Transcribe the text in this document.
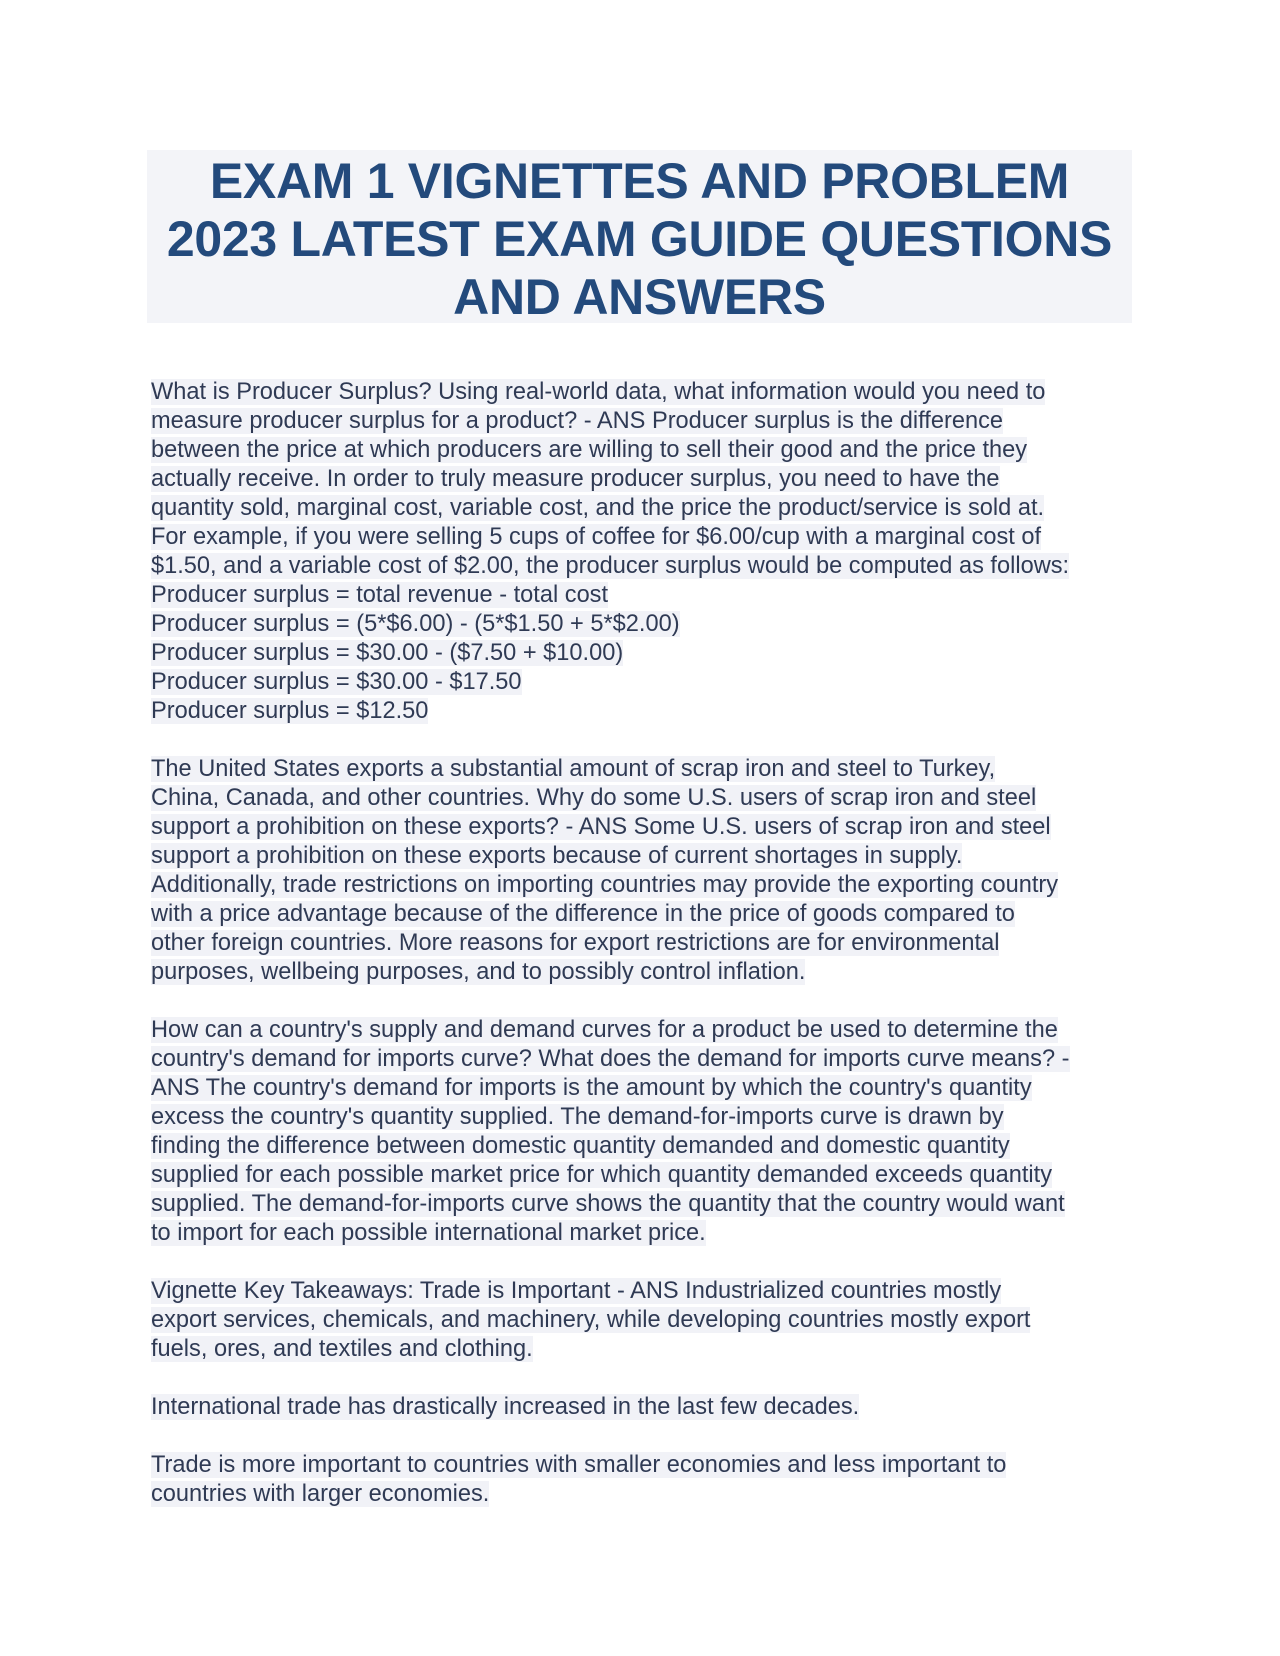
EXAM 1 VIGNETTES AND PROBLEM
2023 LATEST EXAM GUIDE QUESTIONS
AND ANSWERS
What is Producer Surplus? Using real-world data, what information would you need to
measure producer surplus for a product? - ANS Producer surplus is the difference
between the price at which producers are willing to sell their good and the price they
actually receive. In order to truly measure producer surplus, you need to have the
quantity sold, marginal cost, variable cost, and the price the product/service is sold at.
For example, if you were selling 5 cups of coffee for $6.00/cup with a marginal cost of
$1.50, and a variable cost of $2.00, the producer surplus would be computed as follows:
Producer surplus = total revenue - total cost
Producer surplus = (5*$6.00) - (5*$1.50 + 5*$2.00)
Producer surplus = $30.00 - ($7.50 + $10.00)
Producer surplus = $30.00 - $17.50
Producer surplus = $12.50
The United States exports a substantial amount of scrap iron and steel to Turkey,
China, Canada, and other countries. Why do some U.S. users of scrap iron and steel
support a prohibition on these exports? - ANS Some U.S. users of scrap iron and steel
support a prohibition on these exports because of current shortages in supply.
Additionally, trade restrictions on importing countries may provide the exporting country
with a price advantage because of the difference in the price of goods compared to
other foreign countries. More reasons for export restrictions are for environmental
purposes, wellbeing purposes, and to possibly control inflation.
How can a country's supply and demand curves for a product be used to determine the
country's demand for imports curve? What does the demand for imports curve means? -
ANS The country's demand for imports is the amount by which the country's quantity
excess the country's quantity supplied. The demand-for-imports curve is drawn by
finding the difference between domestic quantity demanded and domestic quantity
supplied for each possible market price for which quantity demanded exceeds quantity
supplied. The demand-for-imports curve shows the quantity that the country would want
to import for each possible international market price.
Vignette Key Takeaways: Trade is Important - ANS Industrialized countries mostly
export services, chemicals, and machinery, while developing countries mostly export
fuels, ores, and textiles and clothing.
International trade has drastically increased in the last few decades.
Trade is more important to countries with smaller economies and less important to
countries with larger economies.
